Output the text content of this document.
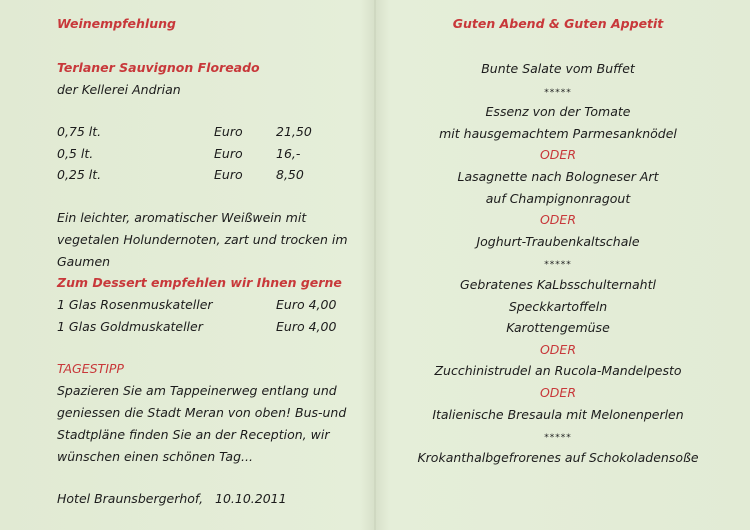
Weinempfehlung
Terlaner Sauvignon Floreado
der Kellerei Andrian
0,75 lt.	Euro	21,50
0,5 lt.	Euro	16,-
0,25 lt.	Euro	8,50
Ein leichter, aromatischer Weißwein mit
vegetalen Holundernoten, zart und trocken im
Gaumen
Zum Dessert empfehlen wir Ihnen gerne
1 Glas Rosenmuskateller	Euro 4,00
1 Glas Goldmuskateller	Euro 4,00
TAGESTIPP
Spazieren Sie am Tappeinerweg entlang und
geniessen die Stadt Meran von oben! Bus-und
Stadtpläne finden Sie an der Reception, wir
wünschen einen schönen Tag...
Hotel Braunsbergerhof,   10.10.2011
Guten Abend & Guten Appetit
Bunte Salate vom Buffet
*****
Essenz von der Tomate
mit hausgemachtem Parmesanknödel
ODER
Lasagnette nach Bologneser Art
auf Champignonragout
ODER
Joghurt-Traubenkaltschale
*****
Gebratenes KaLbsschulternahtl
Speckkartoffeln
Karottengemüse
ODER
Zucchinistrudel an Rucola-Mandelpesto
ODER
Italienische Bresaula mit Melonenperlen
*****
Krokanthalbgefrorenes auf Schokoladensoße
